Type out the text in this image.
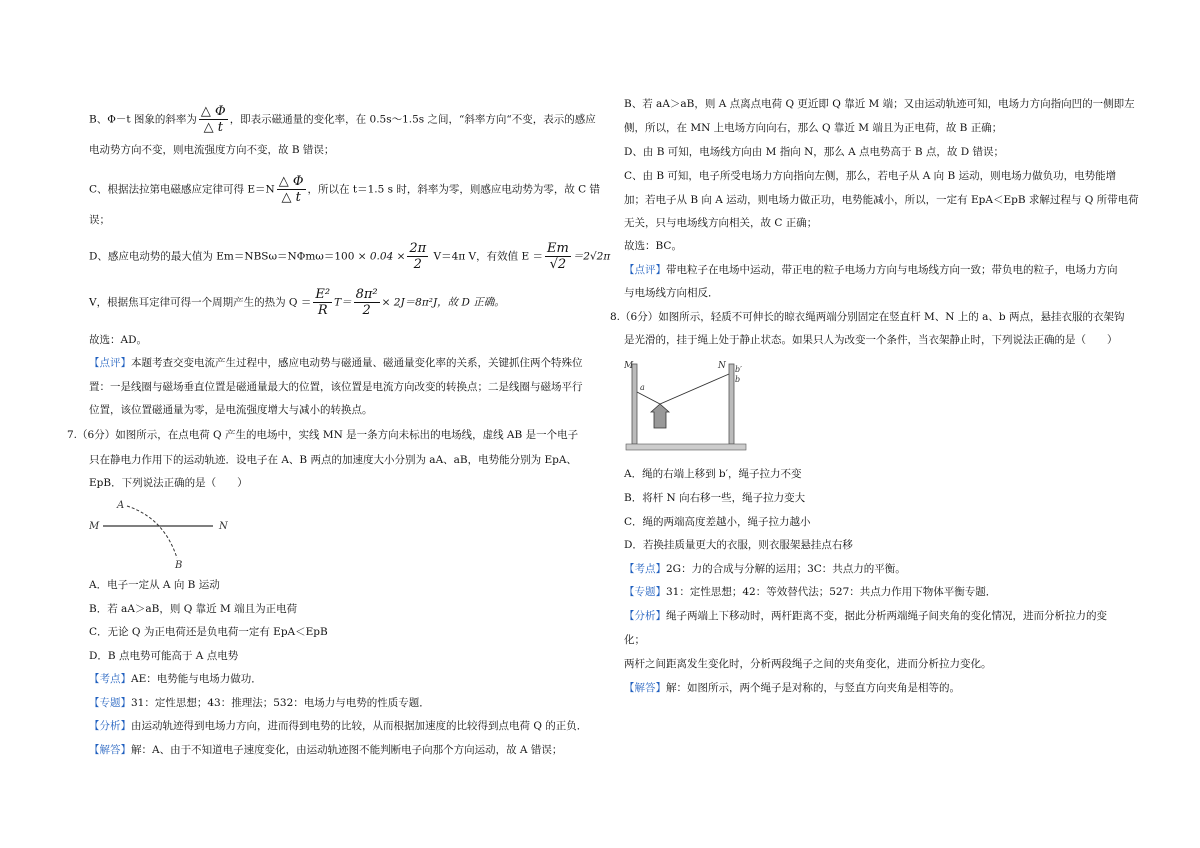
B、Φ－t 图象的斜率为 $\frac{\triangle \Phi}{\triangle t}$ ，即表示磁通量的变化率，在 0.5s～1.5s 之间，“斜率方向“不变，表示的感应
电动势方向不变，则电流强度方向不变，故 B 错误；
C、根据法拉第电磁感应定律可得 $E=N \frac{\triangle \Phi}{\triangle t}$ ，所以在 t＝1.5 s 时，斜率为零，则感应电动势为零，故 C 错
误；
D、感应电动势的最大值为 $Em=NBS\omega=N\Phi m\omega=100 \times 0.04 \times \frac{2\pi}{2} V=4\pi$ V，有效值 $E = \frac{Em}{√2} =2√2\pi$
V，根据焦耳定律可得一个周期产生的热为 $Q = \frac{\text{E²}}{R} T= \frac{\text{8π²}}{2} \times 2J=8\pi^2J$，故 D 正确。
故选：AD。
【点评】本题考查交变电流产生过程中，感应电动势与磁通量、磁通量变化率的关系，关键抓住两个特殊位
置：一是线圈与磁场垂直位置是磁通量最大的位置，该位置是电流方向改变的转换点；二是线圈与磁场平行
位置，该位置磁通量为零，是电流强度增大与减小的转换点。
7.（6分）如图所示，在点电荷 Q 产生的电场中，实线 MN 是一条方向未标出的电场线，虚线 AB 是一个电子
只在静电力作用下的运动轨迹．设电子在 A、B 两点的加速度大小分别为 aA、aB，电势能分别为 EpA、
EpB．下列说法正确的是（　　）
A
B
M	N
A．电子一定从 A 向 B 运动
B．若 aA＞aB，则 Q 靠近 M 端且为正电荷
C．无论 Q 为正电荷还是负电荷一定有 EpA＜EpB
D．B 点电势可能高于 A 点电势
【考点】AE：电势能与电场力做功．
【专题】31：定性思想；43：推理法；532：电场力与电势的性质专题．
【分析】由运动轨迹得到电场力方向，进而得到电势的比较，从而根据加速度的比较得到点电荷 Q 的正负．
【解答】解：A、由于不知道电子速度变化，由运动轨迹图不能判断电子向那个方向运动，故 A 错误；
B、若 aA＞aB，则 A 点离点电荷 Q 更近即 Q 靠近 M 端；又由运动轨迹可知，电场力方向指向凹的一侧即左
侧，所以，在 MN 上电场方向向右，那么 Q 靠近 M 端且为正电荷，故 B 正确；
D、由 B 可知，电场线方向由 M 指向 N，那么 A 点电势高于 B 点，故 D 错误；
C、由 B 可知，电子所受电场力方向指向左侧，那么，若电子从 A 向 B 运动，则电场力做负功，电势能增
加；若电子从 B 向 A 运动，则电场力做正功，电势能减小，所以，一定有 EpA＜EpB 求解过程与 Q 所带电荷
无关，只与电场线方向相关，故 C 正确；
故选：BC。
【点评】带电粒子在电场中运动，带正电的粒子电场力方向与电场线方向一致；带负电的粒子，电场力方向
与电场线方向相反．
8.（6分）如图所示，轻质不可伸长的晾衣绳两端分别固定在竖直杆 M、N 上的 a、b 两点，悬挂衣服的衣架钩
是光滑的，挂于绳上处于静止状态。如果只人为改变一个条件，当衣架静止时，下列说法正确的是（　　）
M	N
a
b
b′
A．绳的右端上移到 b′，绳子拉力不变
B．将杆 N 向右移一些，绳子拉力变大
C．绳的两端高度差越小，绳子拉力越小
D．若换挂质量更大的衣服，则衣服架悬挂点右移
【考点】2G：力的合成与分解的运用；3C：共点力的平衡。
【专题】31：定性思想；42：等效替代法；527：共点力作用下物体平衡专题．
【分析】绳子两端上下移动时，两杆距离不变，据此分析两端绳子间夹角的变化情况，进而分析拉力的变
化；
两杆之间距离发生变化时，分析两段绳子之间的夹角变化，进而分析拉力变化。
【解答】解：如图所示，两个绳子是对称的，与竖直方向夹角是相等的。
